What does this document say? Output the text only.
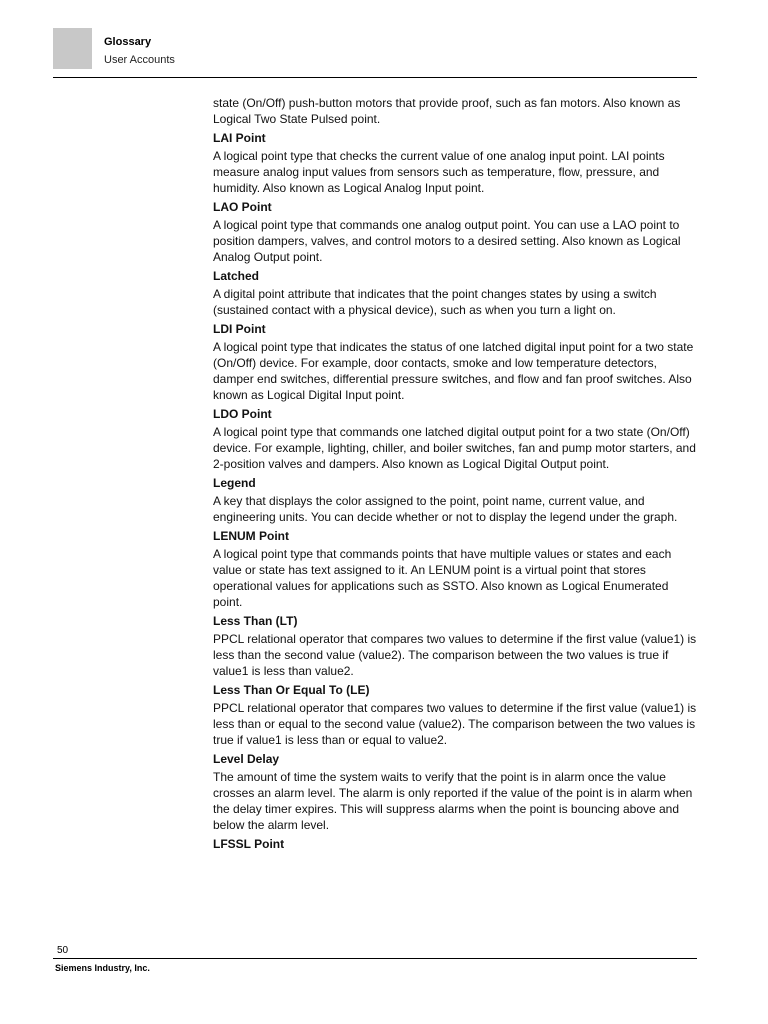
Glossary
User Accounts

state (On/Off) push-button motors that provide proof, such as fan motors. Also known as Logical Two State Pulsed point.

LAI Point

A logical point type that checks the current value of one analog input point. LAI points measure analog input values from sensors such as temperature, flow, pressure, and humidity. Also known as Logical Analog Input point.

LAO Point

A logical point type that commands one analog output point. You can use a LAO point to position dampers, valves, and control motors to a desired setting. Also known as Logical Analog Output point.

Latched

A digital point attribute that indicates that the point changes states by using a switch (sustained contact with a physical device), such as when you turn a light on.

LDI Point

A logical point type that indicates the status of one latched digital input point for a two state (On/Off) device. For example, door contacts, smoke and low temperature detectors, damper end switches, differential pressure switches, and flow and fan proof switches. Also known as Logical Digital Input point.

LDO Point

A logical point type that commands one latched digital output point for a two state (On/Off) device. For example, lighting, chiller, and boiler switches, fan and pump motor starters, and 2-position valves and dampers. Also known as Logical Digital Output point.

Legend

A key that displays the color assigned to the point, point name, current value, and engineering units. You can decide whether or not to display the legend under the graph.

LENUM Point

A logical point type that commands points that have multiple values or states and each value or state has text assigned to it. An LENUM point is a virtual point that stores operational values for applications such as SSTO. Also known as Logical Enumerated point.

Less Than (LT)

PPCL relational operator that compares two values to determine if the first value (value1) is less than the second value (value2). The comparison between the two values is true if value1 is less than value2.

Less Than Or Equal To (LE)

PPCL relational operator that compares two values to determine if the first value (value1) is less than or equal to the second value (value2). The comparison between the two values is true if value1 is less than or equal to value2.

Level Delay

The amount of time the system waits to verify that the point is in alarm once the value crosses an alarm level. The alarm is only reported if the value of the point is in alarm when the delay timer expires. This will suppress alarms when the point is bouncing above and below the alarm level.

LFSSL Point

50
Siemens Industry, Inc.
